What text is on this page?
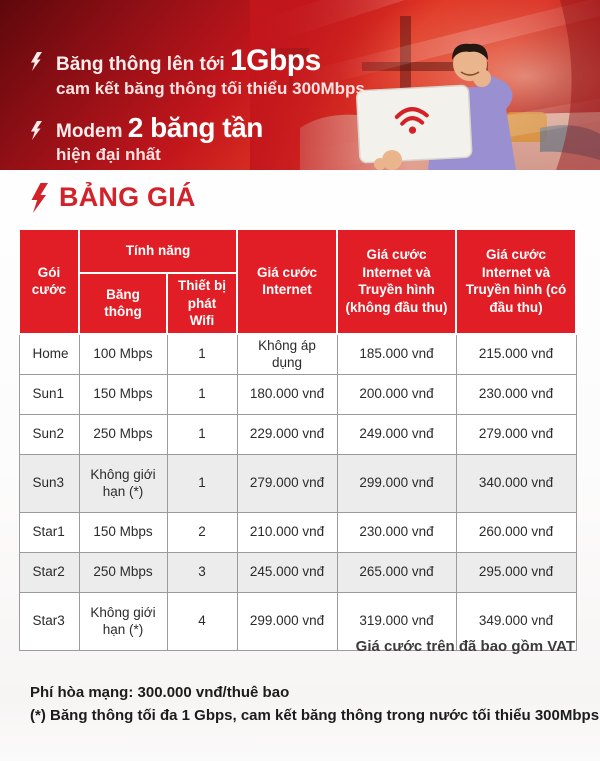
Băng thông lên tới 1Gbps
cam kết băng thông tối thiểu 300Mbps
Modem 2 băng tần
hiện đại nhất
BẢNG GIÁ
Gói cước	Tính năng		Giá cước Internet	Giá cước Internet và Truyền hình (không đầu thu)	Giá cước Internet và Truyền hình (có đầu thu)
	Băng thông	Thiết bị phát Wifi			
Home	100 Mbps	1	Không áp dụng	185.000 vnđ	215.000 vnđ
Sun1	150 Mbps	1	180.000 vnđ	200.000 vnđ	230.000 vnđ
Sun2	250 Mbps	1	229.000 vnđ	249.000 vnđ	279.000 vnđ
Sun3	Không giới hạn (*)	1	279.000 vnđ	299.000 vnđ	340.000 vnđ
Star1	150 Mbps	2	210.000 vnđ	230.000 vnđ	260.000 vnđ
Star2	250 Mbps	3	245.000 vnđ	265.000 vnđ	295.000 vnđ
Star3	Không giới hạn (*)	4	299.000 vnđ	319.000 vnđ	349.000 vnđ
Giá cước trên đã bao gồm VAT
Phí hòa mạng: 300.000 vnđ/thuê bao
(*) Băng thông tối đa 1 Gbps, cam kết băng thông trong nước tối thiểu 300Mbps
